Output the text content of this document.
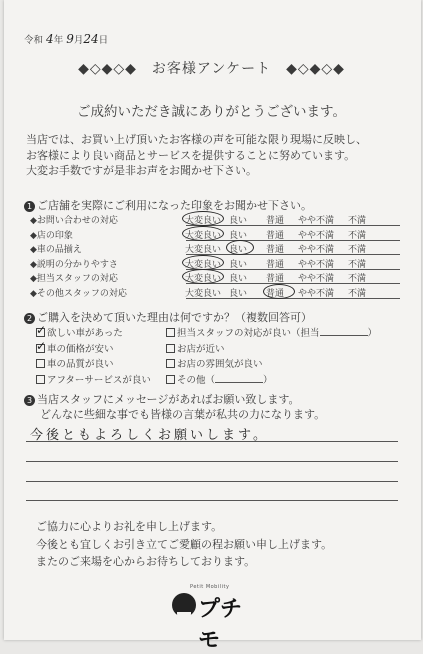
令和 4年 9月24日
◆◇◆◇◆　お客様アンケート　◆◇◆◇◆
ご成約いただき誠にありがとうございます。
当店では、お買い上げ頂いたお客様の声を可能な限り現場に反映し、
お客様により良い商品とサービスを提供することに努めています。
大変お手数ですが是非お声をお聞かせ下さい。
1 ご店舗を実際にご利用になった印象をお聞かせ下さい。
◆お問い合わせの対応	大変良い 良い 普通 やや不満 不満
◆店の印象	大変良い 良い 普通 やや不満 不満
◆車の品揃え	大変良い 良い 普通 やや不満 不満
◆説明の分かりやすさ	大変良い 良い 普通 やや不満 不満
◆担当スタッフの対応	大変良い 良い 普通 やや不満 不満
◆その他スタッフの対応	大変良い 良い 普通 やや不満 不満
2 ご購入を決めて頂いた理由は何ですか？（複数回答可）
✓ 欲しい車があった	担当スタッフの対応が良い（担当	）
✓ 車の価格が安い	お店が近い
車の品質が良い	お店の雰囲気が良い
アフターサービスが良い	その他（	）
3 当店スタッフにメッセージがあればお願い致します。
どんなに些細な事でも皆様の言葉が私共の力になります。
今後ともよろしくお願いします。
ご協力に心よりお礼を申し上げます。
今後とも宜しくお引き立てご愛顧の程お願い申し上げます。
またのご来場を心からお待ちしております。
Petit Mobility
プチモ
